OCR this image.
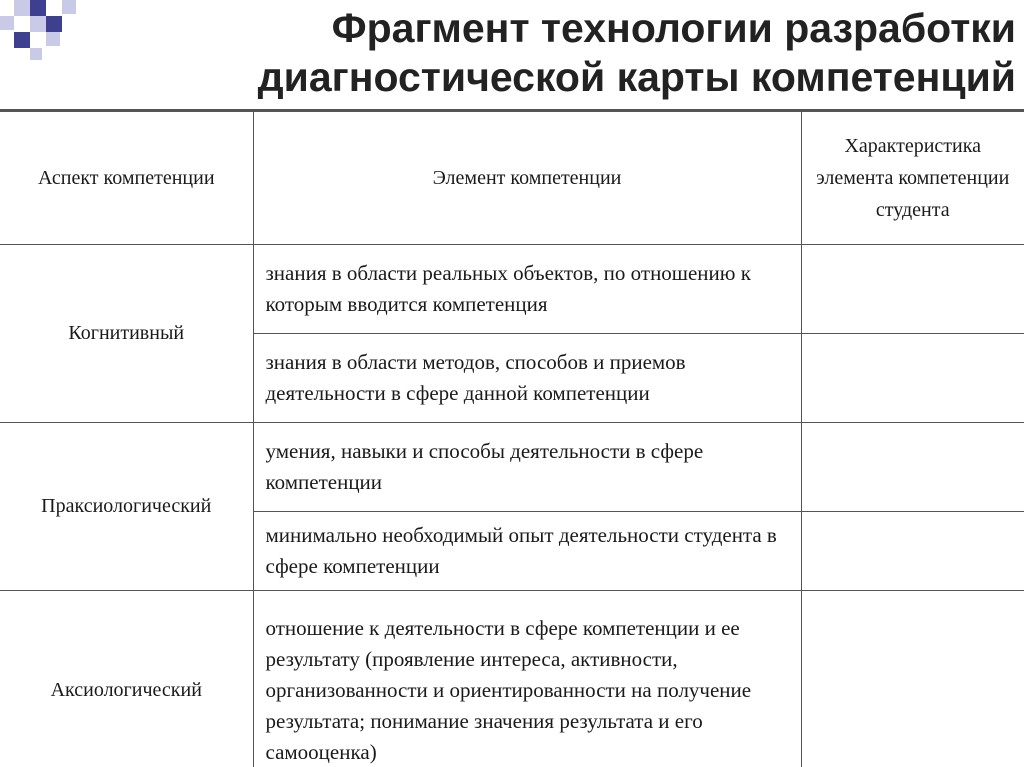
Фрагмент технологии разработки диагностической карты компетенций
Аспект компетенции	Элемент компетенции	Характеристика элемента компетенции студента

Когнитивный	знания в области реальных объектов, по отношению к которым вводится компетенция	
	знания в области методов, способов и приемов деятельности в сфере данной компетенции	
Праксиологический	умения, навыки и способы деятельности в сфере компетенции	
	минимально необходимый опыт деятельности студента в сфере компетенции	
Аксиологический	отношение к деятельности в сфере компетенции и ее результату (проявление интереса, активности, организованности и ориентированности на получение результата; понимание значения результата и его самооценка)	
